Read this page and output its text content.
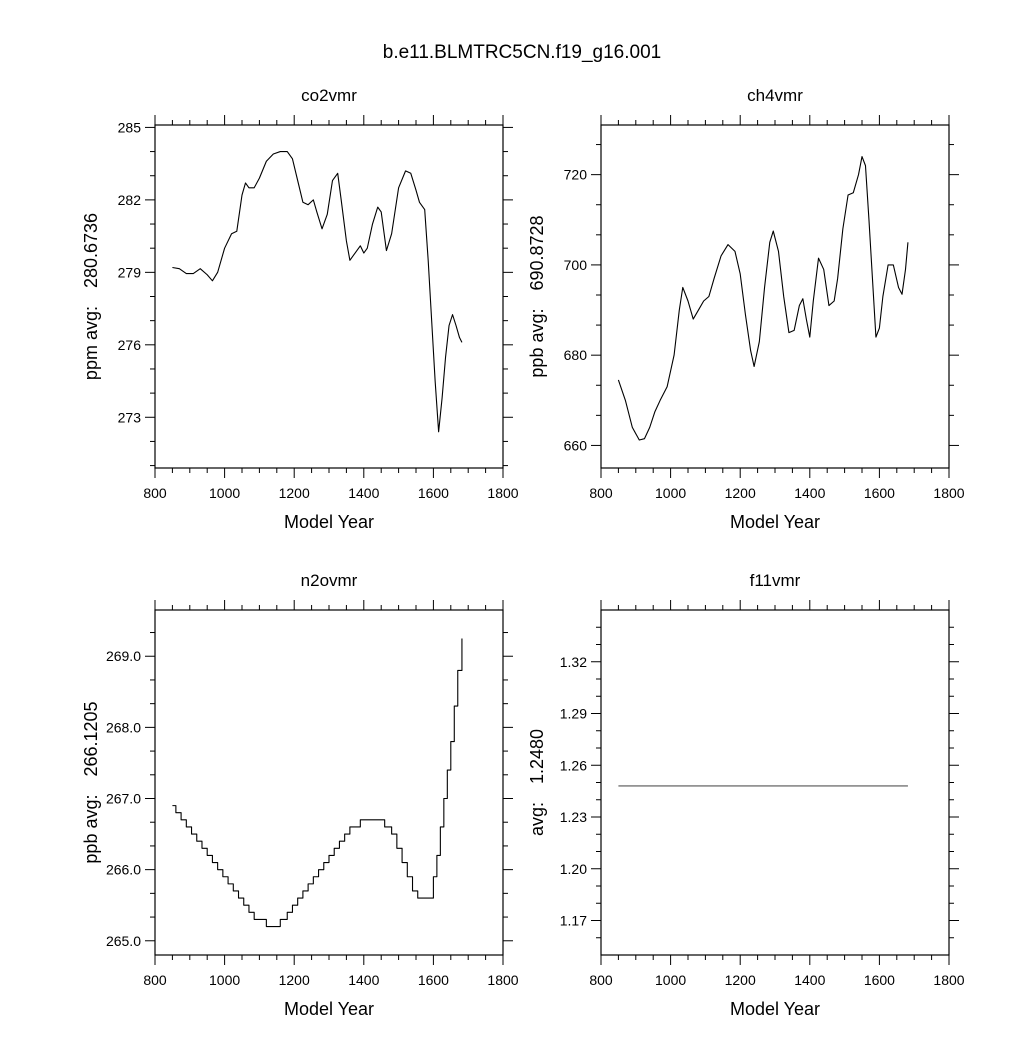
b.e11.BLMTRC5CN.f19_g16.001
co2vmr
800	1000	1200	1400	1600	1800
273
276
279
282
285
Model Year
ppm avg:280.6736
ch4vmr
800	1000	1200	1400	1600	1800
660
680
700
720
Model Year
ppb avg:690.8728
n2ovmr
800	1000	1200	1400	1600	1800
265.0
266.0
267.0
268.0
269.0
Model Year
ppb avg:266.1205
f11vmr
800	1000	1200	1400	1600	1800
1.17
1.20
1.23
1.26
1.29
1.32
Model Year
avg:1.2480
